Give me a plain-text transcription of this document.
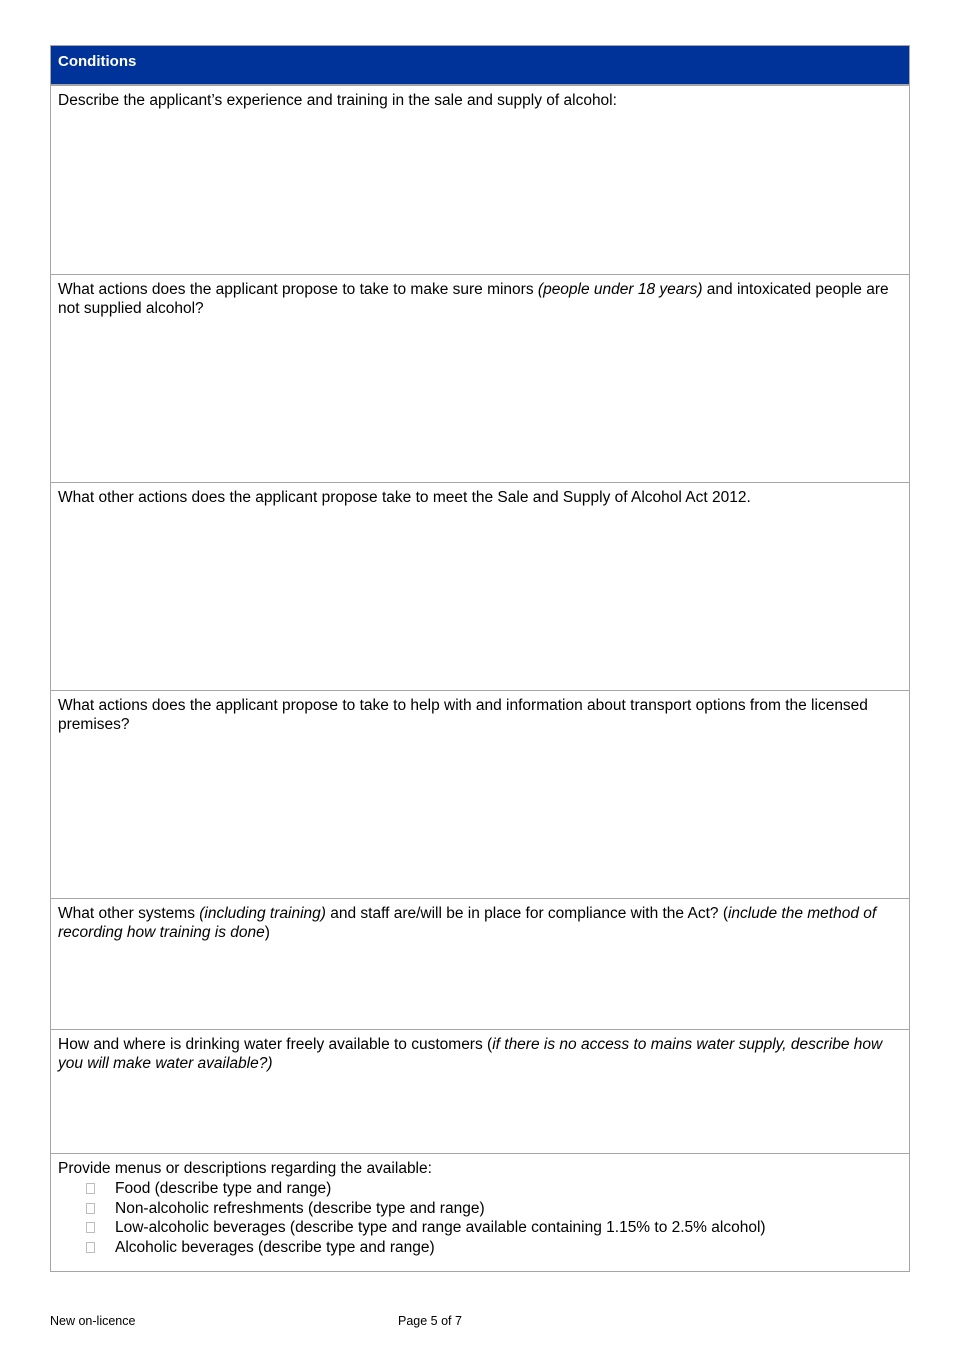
Conditions

Describe the applicant’s experience and training in the sale and supply of alcohol:

What actions does the applicant propose to take to make sure minors (people under 18 years) and intoxicated people are not supplied alcohol?

What other actions does the applicant propose take to meet the Sale and Supply of Alcohol Act 2012.

What actions does the applicant propose to take to help with and information about transport options from the licensed premises?

What other systems (including training) and staff are/will be in place for compliance with the Act? (include the method of recording how training is done)

How and where is drinking water freely available to customers (if there is no access to mains water supply, describe how you will make water available?)

Provide menus or descriptions regarding the available:

Food (describe type and range)
Non-alcoholic refreshments (describe type and range)
Low-alcoholic beverages (describe type and range available containing 1.15% to 2.5% alcohol)
Alcoholic beverages (describe type and range)
New on-licence	Page 5 of 7
